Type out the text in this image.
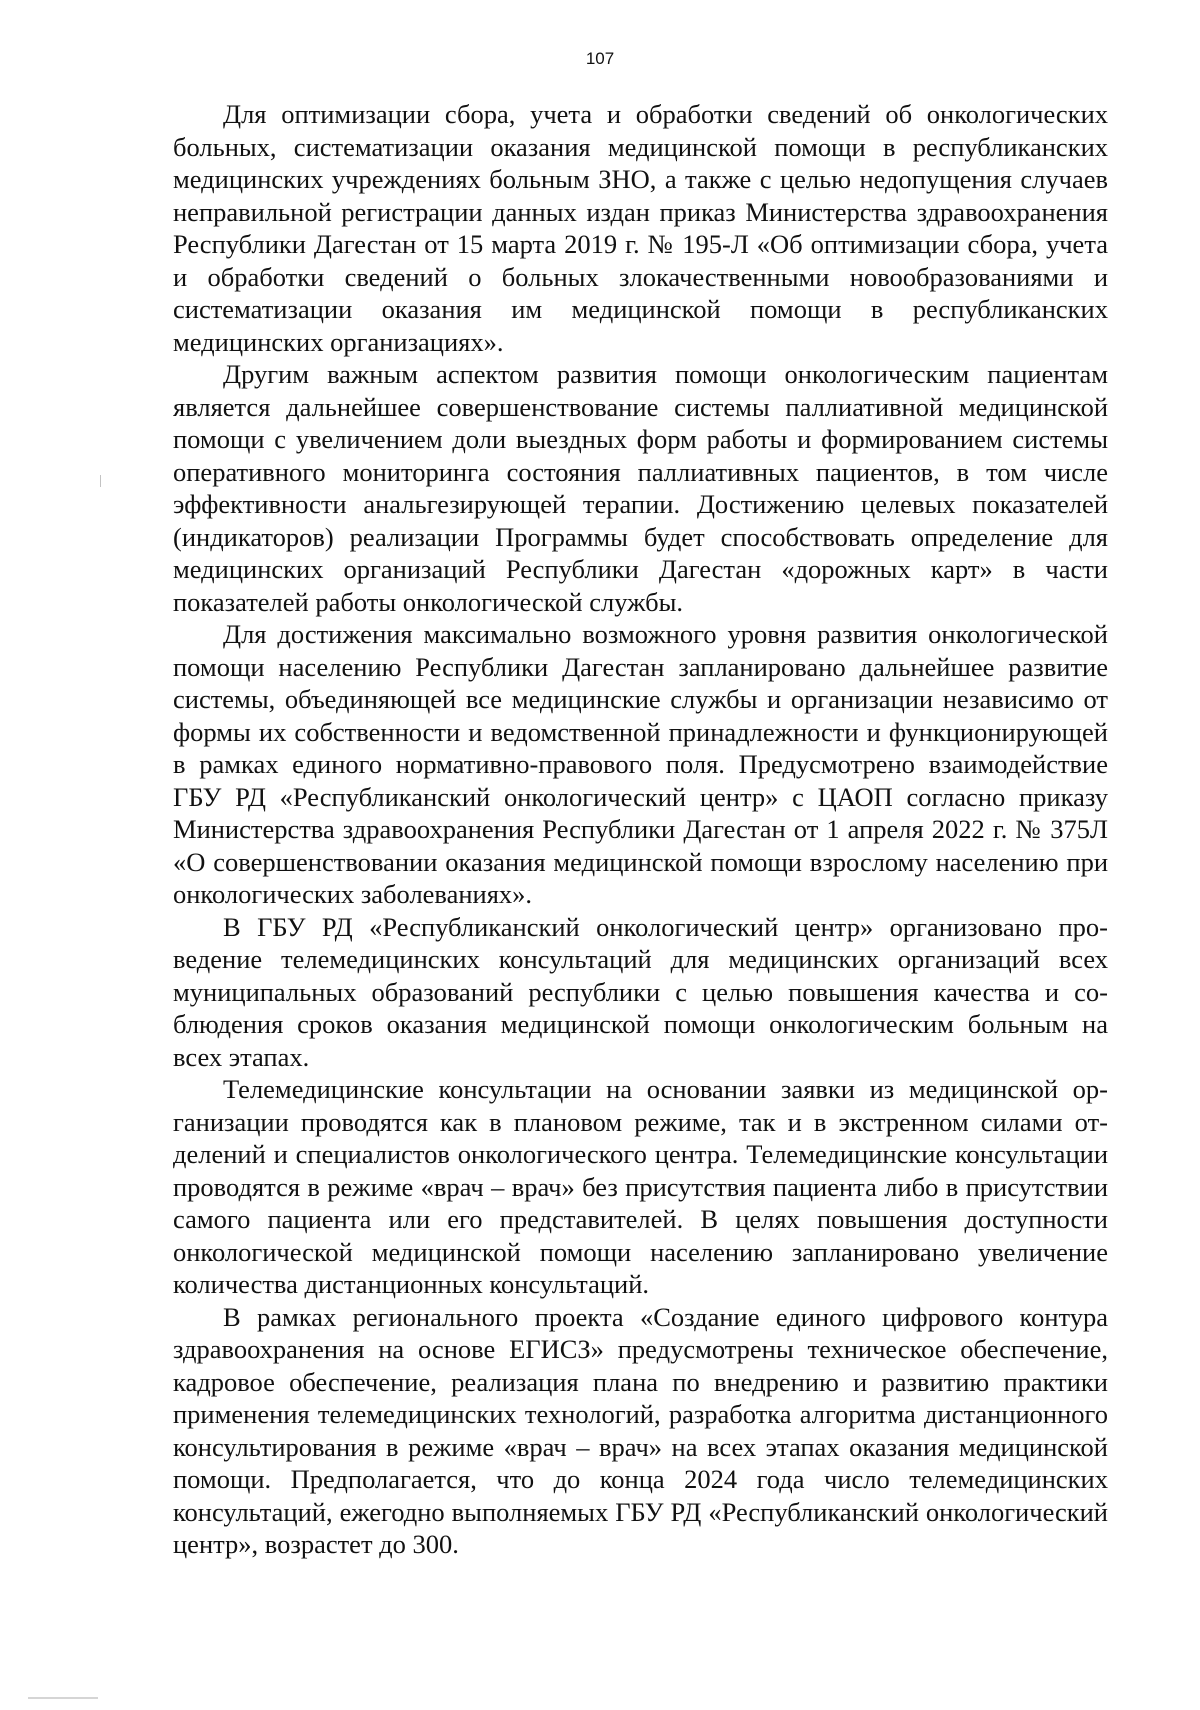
107

Для оптимизации сбора, учета и обработки сведений об онкологических больных, систематизации оказания медицинской помощи в республиканских медицинских учреждениях больным ЗНО, а также с целью недопущения случаев неправильной регистрации данных издан приказ Министерства здравоохранения Республики Дагестан от 15 марта 2019 г. № 195-Л «Об оптимизации сбора, учета и обработки сведений о больных злокачественными новообразованиями и систематизации оказания им медицинской помощи в республиканских медицинских организациях».

Другим важным аспектом развития помощи онкологическим пациентам является дальнейшее совершенствование системы паллиативной медицинской помощи с увеличением доли выездных форм работы и формированием системы оперативного мониторинга состояния паллиативных пациентов, в том числе эффективности анальгезирующей терапии. Достижению целевых показателей (индикаторов) реализации Программы будет способствовать определение для медицинских организаций Республики Дагестан «дорожных карт» в части показателей работы онкологической службы.

Для достижения максимально возможного уровня развития онкологической помощи населению Республики Дагестан запланировано дальнейшее развитие системы, объединяющей все медицинские службы и организации независимо от формы их собственности и ведомственной принадлежности и функционирующей в рамках единого нормативно-правового поля. Предусмотрено взаимодействие ГБУ РД «Республиканский онкологический центр» с ЦАОП согласно приказу Министерства здравоохранения Республики Дагестан от 1 апреля 2022 г. № 375Л «О совершенствовании оказания медицинской помощи взрослому населению при онкологических заболеваниях».

В ГБУ РД «Республиканский онкологический центр» организовано проведение телемедицинских консультаций для медицинских организаций всех муниципальных образований республики с целью повышения качества и соблюдения сроков оказания медицинской помощи онкологическим больным на всех этапах.

Телемедицинские консультации на основании заявки из медицинской организации проводятся как в плановом режиме, так и в экстренном силами отделений и специалистов онкологического центра. Телемедицинские консультации проводятся в режиме «врач – врач» без присутствия пациента либо в присутствии самого пациента или его представителей. В целях повышения доступности онкологической медицинской помощи населению запланировано увеличение количества дистанционных консультаций.

В рамках регионального проекта «Создание единого цифрового контура здравоохранения на основе ЕГИСЗ» предусмотрены техническое обеспечение, кадровое обеспечение, реализация плана по внедрению и развитию практики применения телемедицинских технологий, разработка алгоритма дистанционного консультирования в режиме «врач – врач» на всех этапах оказания медицинской помощи. Предполагается, что до конца 2024 года число телемедицинских консультаций, ежегодно выполняемых ГБУ РД «Республиканский онкологический центр», возрастет до 300.
